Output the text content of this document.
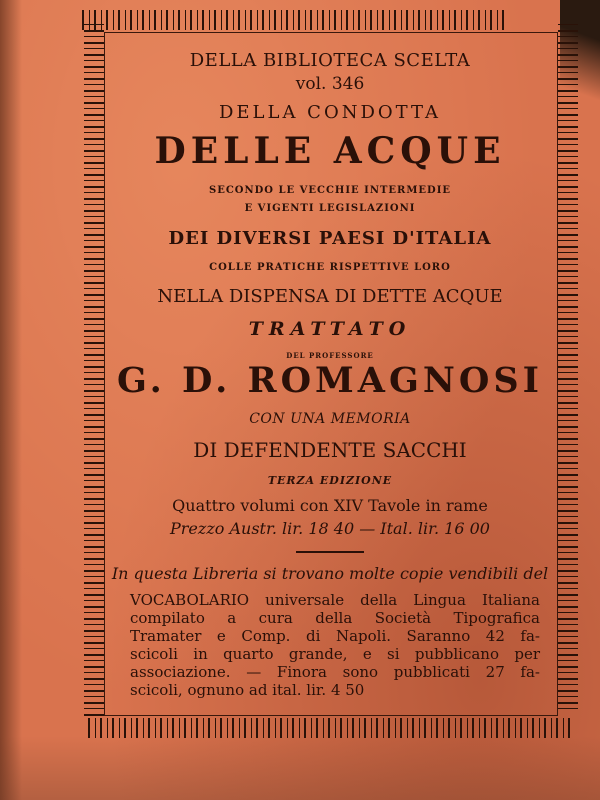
DELLA BIBLIOTECA SCELTA

vol. 346

DELLA CONDOTTA

DELLE ACQUE

SECONDO LE VECCHIE INTERMEDIE

E VIGENTI LEGISLAZIONI

DEI DIVERSI PAESI D'ITALIA

COLLE PRATICHE RISPETTIVE LORO

NELLA DISPENSA DI DETTE ACQUE

TRATTATO

DEL PROFESSORE

G. D. ROMAGNOSI

CON UNA MEMORIA

DI DEFENDENTE SACCHI

TERZA EDIZIONE

Quattro volumi con XIV Tavole in rame

Prezzo Austr. lir. 18 40 — Ital. lir. 16 00

In questa Libreria si trovano molte copie vendibili del

VOCABOLARIO universale della Lingua Italiana

compilato a cura della Società Tipografica

Tramater e Comp. di Napoli. Saranno 42 fa-

scicoli in quarto grande, e si pubblicano per

associazione. — Finora sono pubblicati 27 fa-

scicoli, ognuno ad ital. lir. 4 50
